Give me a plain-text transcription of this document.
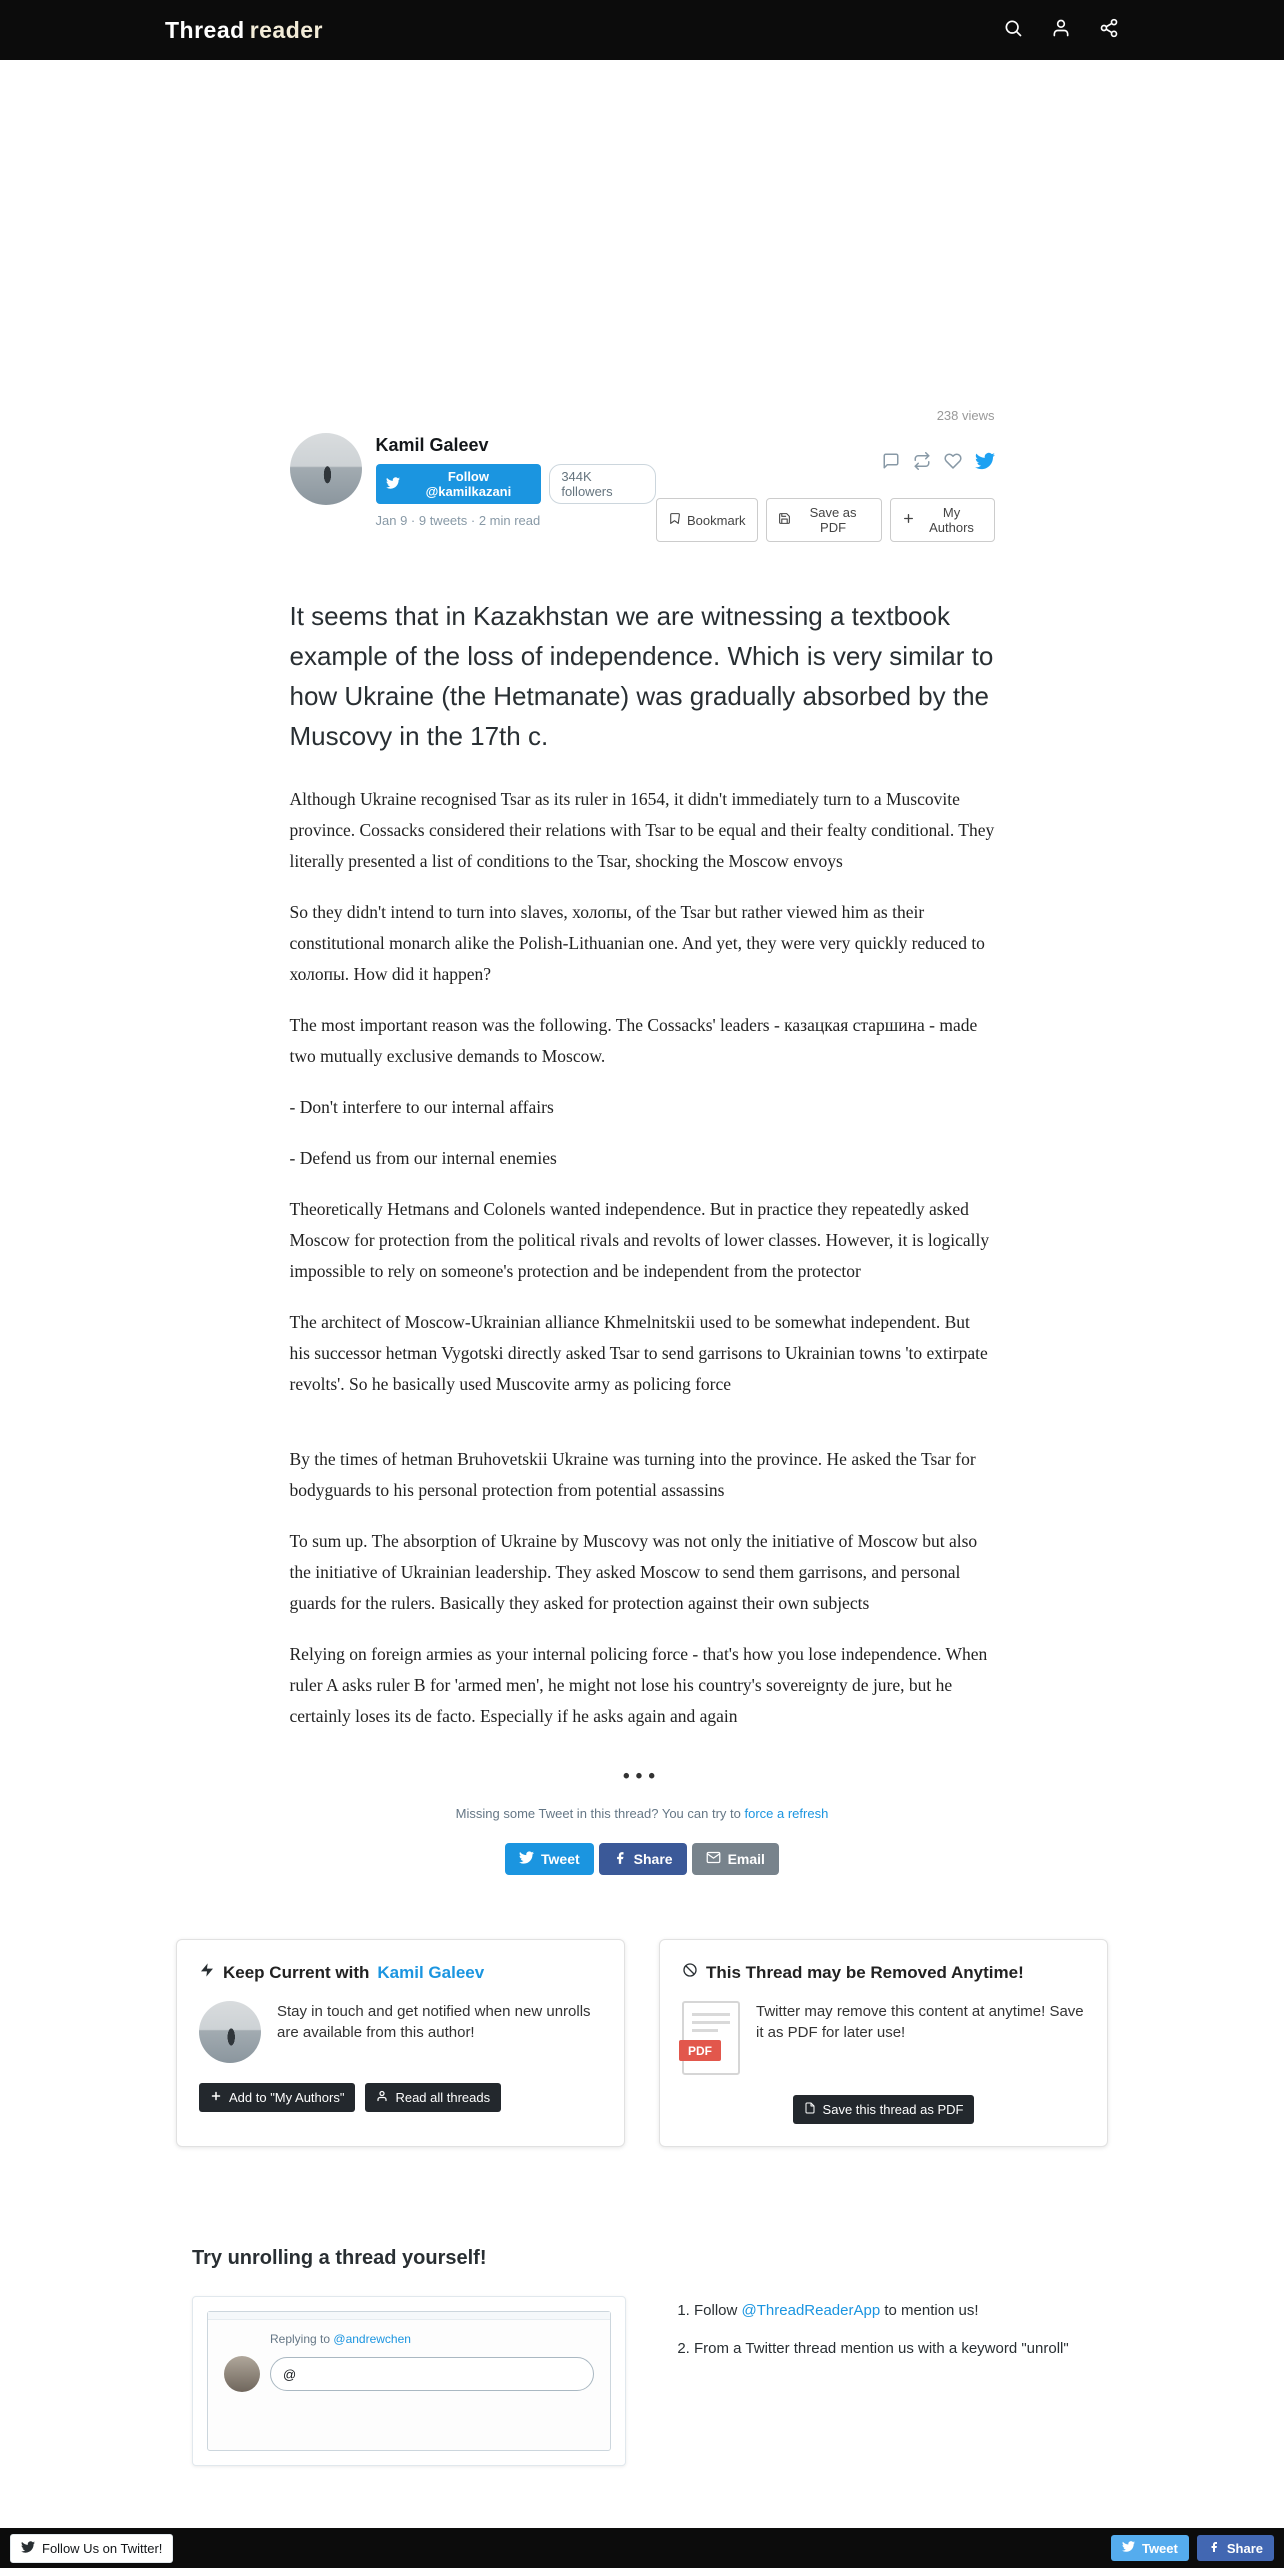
Thread reader
238 views
Kamil Galeev
Follow @kamilkazani
344K followers
Jan 9 · 9 tweets · 2 min read	Bookmark	Save as PDF
My Authors
It seems that in Kazakhstan we are witnessing a textbook example of the loss of independence. Which is very similar to how Ukraine (the Hetmanate) was gradually absorbed by the Muscovy in the 17th c.

Although Ukraine recognised Tsar as its ruler in 1654, it didn't immediately turn to a Muscovite province. Cossacks considered their relations with Tsar to be equal and their fealty conditional. They literally presented a list of conditions to the Tsar, shocking the Moscow envoys

So they didn't intend to turn into slaves, холопы, of the Tsar but rather viewed him as their constitutional monarch alike the Polish-Lithuanian one. And yet, they were very quickly reduced to холопы. How did it happen?

The most important reason was the following. The Cossacks' leaders - казацкая старшина - made two mutually exclusive demands to Moscow.

- Don't interfere to our internal affairs

- Defend us from our internal enemies

Theoretically Hetmans and Colonels wanted independence. But in practice they repeatedly asked Moscow for protection from the political rivals and revolts of lower classes. However, it is logically impossible to rely on someone's protection and be independent from the protector

The architect of Moscow-Ukrainian alliance Khmelnitskii used to be somewhat independent. But his successor hetman Vygotski directly asked Tsar to send garrisons to Ukrainian towns 'to extirpate revolts'. So he basically used Muscovite army as policing force

By the times of hetman Bruhovetskii Ukraine was turning into the province. He asked the Tsar for bodyguards to his personal protection from potential assassins

To sum up. The absorption of Ukraine by Muscovy was not only the initiative of Moscow but also the initiative of Ukrainian leadership. They asked Moscow to send them garrisons, and personal guards for the rulers. Basically they asked for protection against their own subjects

Relying on foreign armies as your internal policing force - that's how you lose independence. When ruler A asks ruler B for 'armed men', he might not lose his country's sovereignty de jure, but he certainly loses its de facto. Especially if he asks again and again

•••
Missing some Tweet in this thread? You can try to force a refresh
Tweet	Share	Email
Keep Current with Kamil Galeev
Stay in touch and get notified when new unrolls are available from this author!
Add to "My Authors"	Read all threads
This Thread may be Removed Anytime!
PDF
Twitter may remove this content at anytime! Save it as PDF for later use!
Save this thread as PDF
Try unrolling a thread yourself!
Replying to @andrewchen
@
1. Follow @ThreadReaderApp to mention us!
2. From a Twitter thread mention us with a keyword "unroll"
Follow Us on Twitter!	Tweet	Share
